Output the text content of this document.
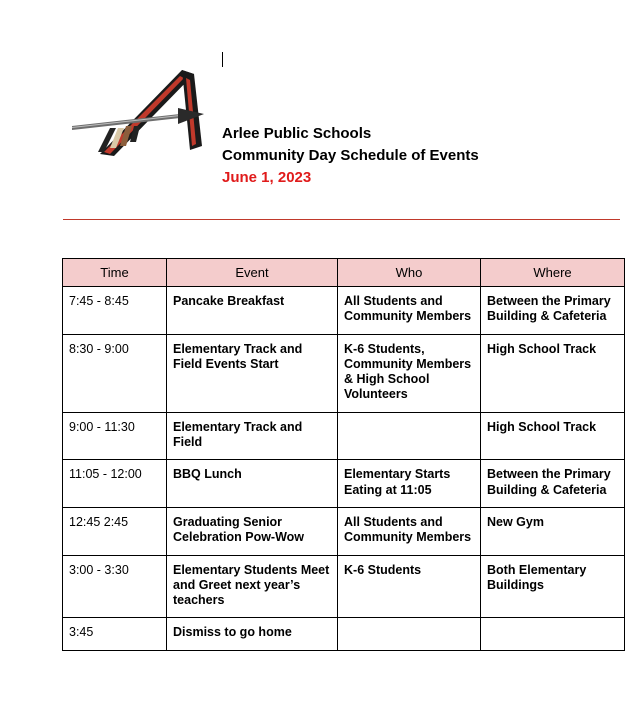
Arlee Public Schools
Community Day Schedule of Events
June 1, 2023
Time	Event	Who	Where
7:45 - 8:45	Pancake Breakfast	All Students and Community Members	Between the Primary Building & Cafeteria
8:30 - 9:00	Elementary Track and Field Events Start	K-6 Students, Community Members & High School Volunteers	High School Track
9:00 - 11:30	Elementary Track and Field		High School Track
11:05 - 12:00	BBQ Lunch	Elementary Starts Eating at 11:05	Between the Primary Building & Cafeteria
12:45 2:45	Graduating Senior Celebration Pow-Wow	All Students and Community Members	New Gym
3:00 - 3:30	Elementary Students Meet and Greet next year’s teachers	K-6 Students	Both Elementary Buildings
3:45	Dismiss to go home		
